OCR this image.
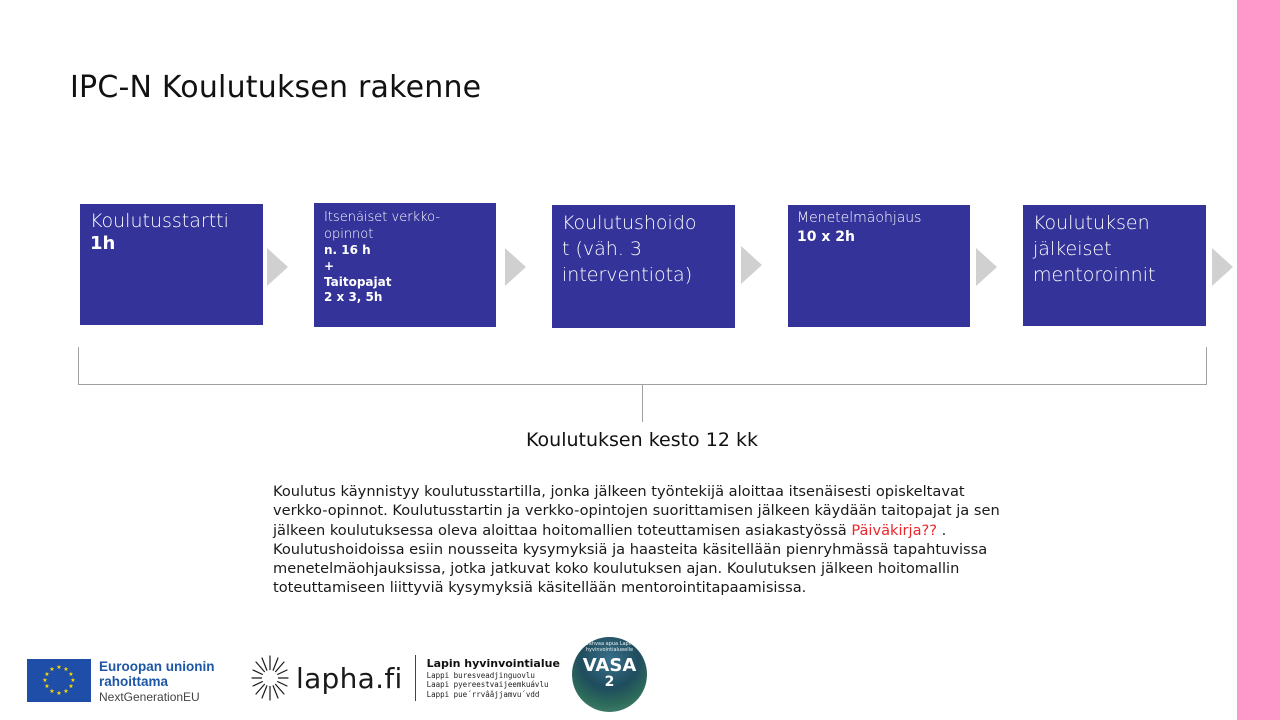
IPC-N Koulutuksen rakenne
Koulutusstartti
1h
Itsenäiset verkko-
opinnot
n. 16 h
+
Taitopajat
2 x 3, 5h
Koulutushoido
t (väh. 3
interventiota)
Menetelmäohjaus
10 x 2h
Koulutuksen
jälkeiset
mentoroinnit
Koulutuksen kesto 12 kk
Koulutus käynnistyy koulutusstartilla, jonka jälkeen työntekijä aloittaa itsenäisesti opiskeltavat verkko-opinnot. Koulutusstartin ja verkko-opintojen suorittamisen jälkeen käydään taitopajat ja sen jälkeen koulutuksessa oleva aloittaa hoitomallien toteuttamisen asiakastyössä Päiväkirja?? . Koulutushoidoissa esiin nousseita kysymyksiä ja haasteita käsitellään pienryhmässä tapahtuvissa menetelmäohjauksissa, jotka jatkuvat koko koulutuksen ajan. Koulutuksen jälkeen hoitomallin toteuttamiseen liittyviä kysymyksiä käsitellään mentorointitapaamisissa.
★ ★
★
★
★
★
★
★
★
★
★
★	Euroopan unionin
rahoittama
NextGenerationEU
lapha.fi Lapin hyvinvointialue
Lappi buresveadjinguovlu
Laapi pyereestvaijeemkuávlu
Lappi pue´rrvââjjamvu´vdd
Vahvaa apua Lapin hyvinvointialueelle
VASA
2
